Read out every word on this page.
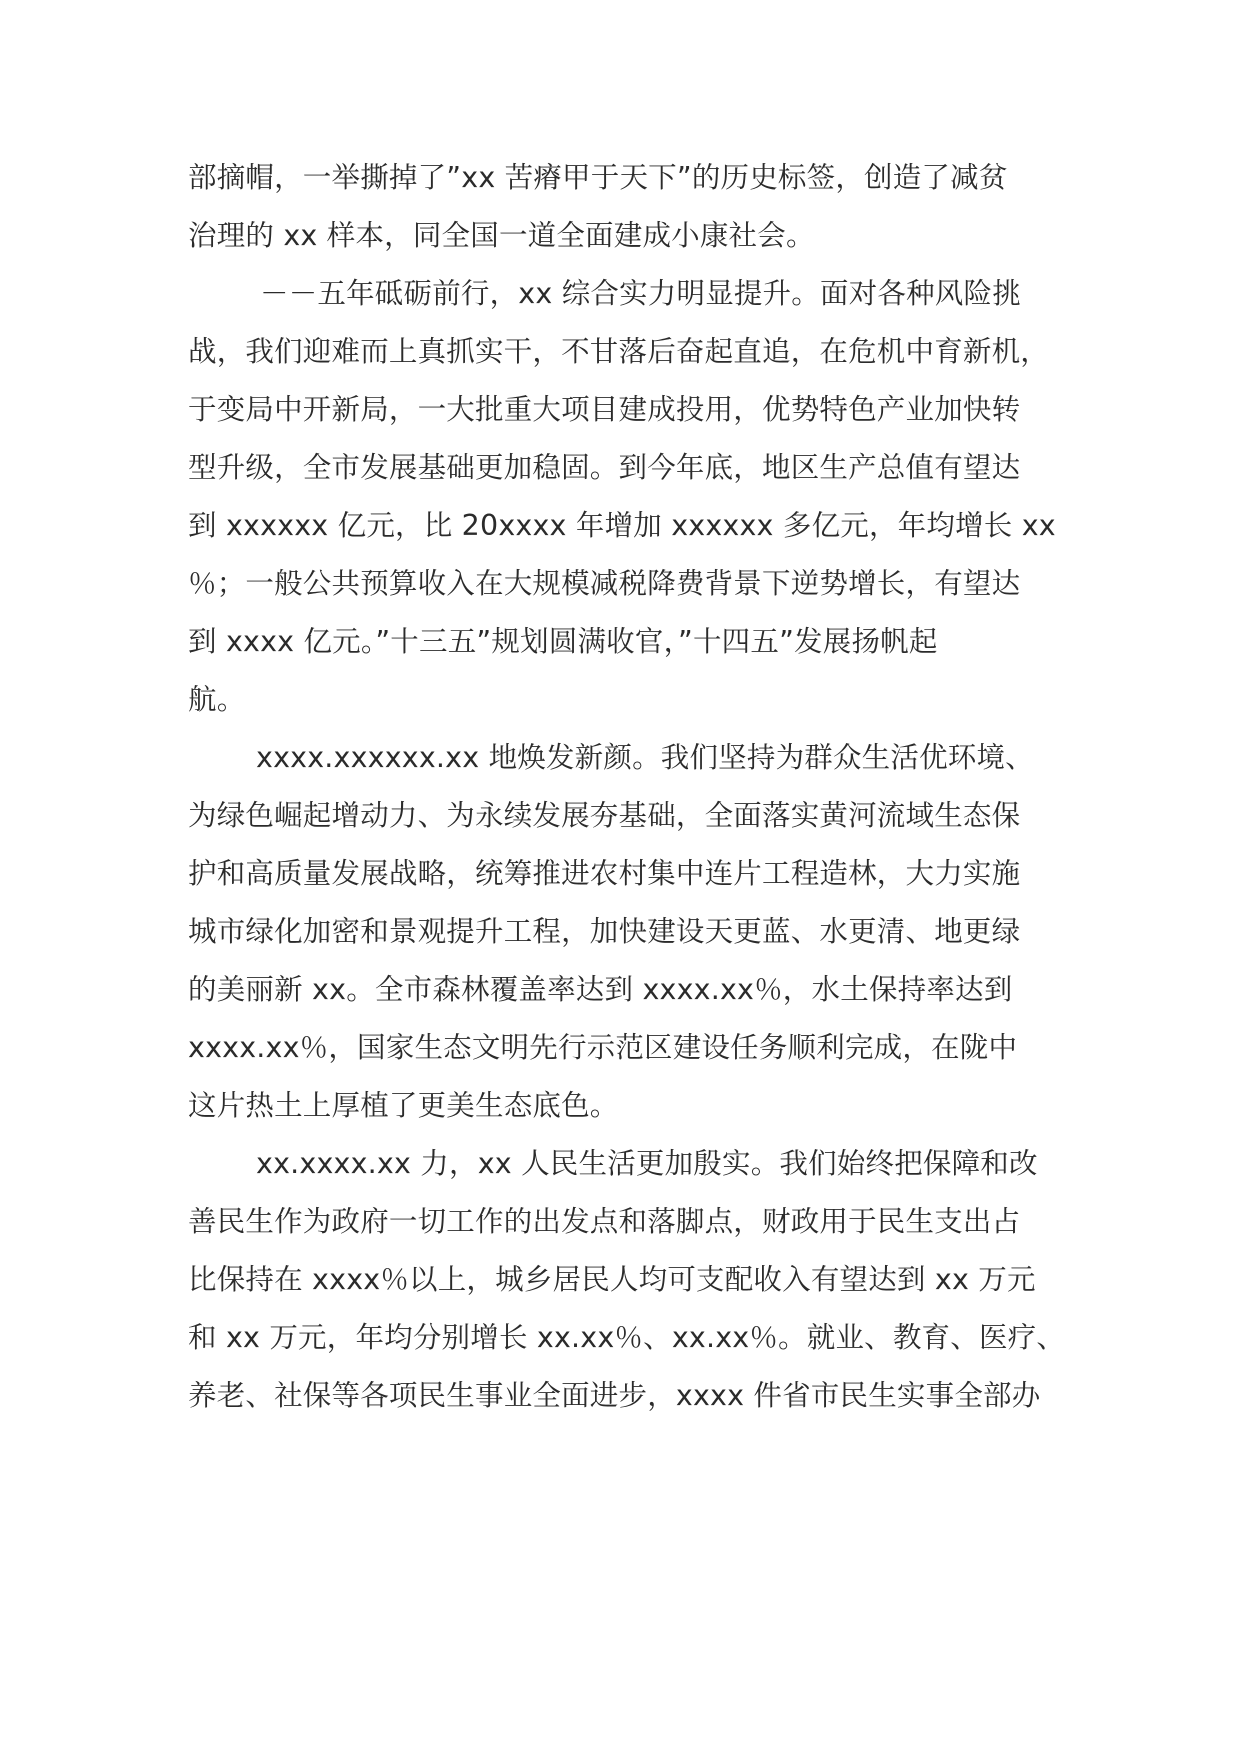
部摘帽，一举撕掉了”xx 苦瘠甲于天下”的历史标签，创造了减贫
治理的 xx 样本，同全国一道全面建成小康社会。
－－五年砥砺前行，xx 综合实力明显提升。面对各种风险挑
战，我们迎难而上真抓实干，不甘落后奋起直追，在危机中育新机，
于变局中开新局，一大批重大项目建成投用，优势特色产业加快转
型升级，全市发展基础更加稳固。到今年底，地区生产总值有望达
到 xxxxxx 亿元，比 20xxxx 年增加 xxxxxx 多亿元，年均增长 xx
％；一般公共预算收入在大规模减税降费背景下逆势增长，有望达
到 xxxx 亿元。”十三五”规划圆满收官，”十四五”发展扬帆起
航。
xxxx.xxxxxx.xx 地焕发新颜。我们坚持为群众生活优环境、
为绿色崛起增动力、为永续发展夯基础，全面落实黄河流域生态保
护和高质量发展战略，统筹推进农村集中连片工程造林，大力实施
城市绿化加密和景观提升工程，加快建设天更蓝、水更清、地更绿
的美丽新 xx。全市森林覆盖率达到 xxxx.xx％，水土保持率达到
xxxx.xx％，国家生态文明先行示范区建设任务顺利完成，在陇中
这片热土上厚植了更美生态底色。
xx.xxxx.xx 力，xx 人民生活更加殷实。我们始终把保障和改
善民生作为政府一切工作的出发点和落脚点，财政用于民生支出占
比保持在 xxxx％以上，城乡居民人均可支配收入有望达到 xx 万元
和 xx 万元，年均分别增长 xx.xx％、xx.xx％。就业、教育、医疗、
养老、社保等各项民生事业全面进步，xxxx 件省市民生实事全部办
